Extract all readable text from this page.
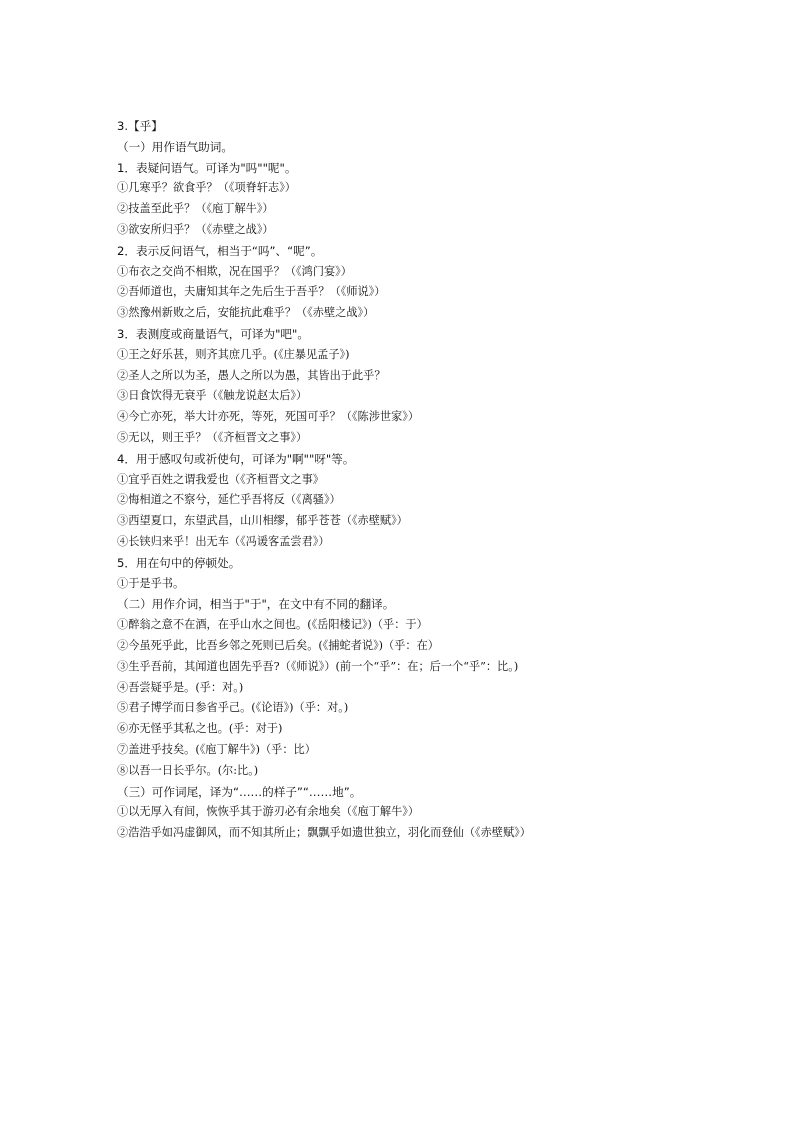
3.【乎】
（一）用作语气助词。
1．表疑问语气。可译为"吗""呢"。
①几寒乎？欲食乎？（《项脊轩志》）
②技盖至此乎？（《庖丁解牛》）
③欲安所归乎？（《赤壁之战》）
2．表示反问语气，相当于“吗”、“呢”。
①布衣之交尚不相欺，况在国乎？（《鸿门宴》）
②吾师道也，夫庸知其年之先后生于吾乎？（《师说》）
③然豫州新败之后，安能抗此难乎？（《赤壁之战》）
3．表测度或商量语气，可译为"吧"。
①王之好乐甚，则齐其庶几乎。(《庄暴见孟子》)
②圣人之所以为圣，愚人之所以为愚，其皆出于此乎？
③日食饮得无衰乎（《触龙说赵太后》）
④今亡亦死，举大计亦死，等死，死国可乎？（《陈涉世家》）
⑤无以，则王乎？（《齐桓晋文之事》）
4．用于感叹句或祈使句，可译为"啊""呀"等。
①宜乎百姓之谓我爱也（《齐桓晋文之事》
②悔相道之不察兮，延伫乎吾将反（《离骚》）
③西望夏口，东望武昌，山川相缪，郁乎苍苍（《赤壁赋》）
④长铗归来乎！出无车（《冯谖客孟尝君》）
5．用在句中的停顿处。
①于是乎书。
（二）用作介词，相当于"于"，在文中有不同的翻译。
①醉翁之意不在酒，在乎山水之间也。(《岳阳楼记》)（乎：于）
②今虽死乎此，比吾乡邻之死则已后矣。(《捕蛇者说》)（乎：在）
③生乎吾前，其闻道也固先乎吾?（《师说》）(前一个“乎”：在；后一个“乎”：比。)
④吾尝疑乎是。(乎：对。)
⑤君子博学而日参省乎己。(《论语》)（乎：对。)
⑥亦无怪乎其私之也。(乎：对于)
⑦盖进乎技矣。(《庖丁解牛》)（乎：比）
⑧以吾一日长乎尔。(尔:比。)
（三）可作词尾，译为“……的样子”“……地”。
①以无厚入有间，恢恢乎其于游刃必有余地矣（《庖丁解牛》）
②浩浩乎如冯虚御风，而不知其所止；飘飘乎如遗世独立，羽化而登仙（《赤壁赋》）
